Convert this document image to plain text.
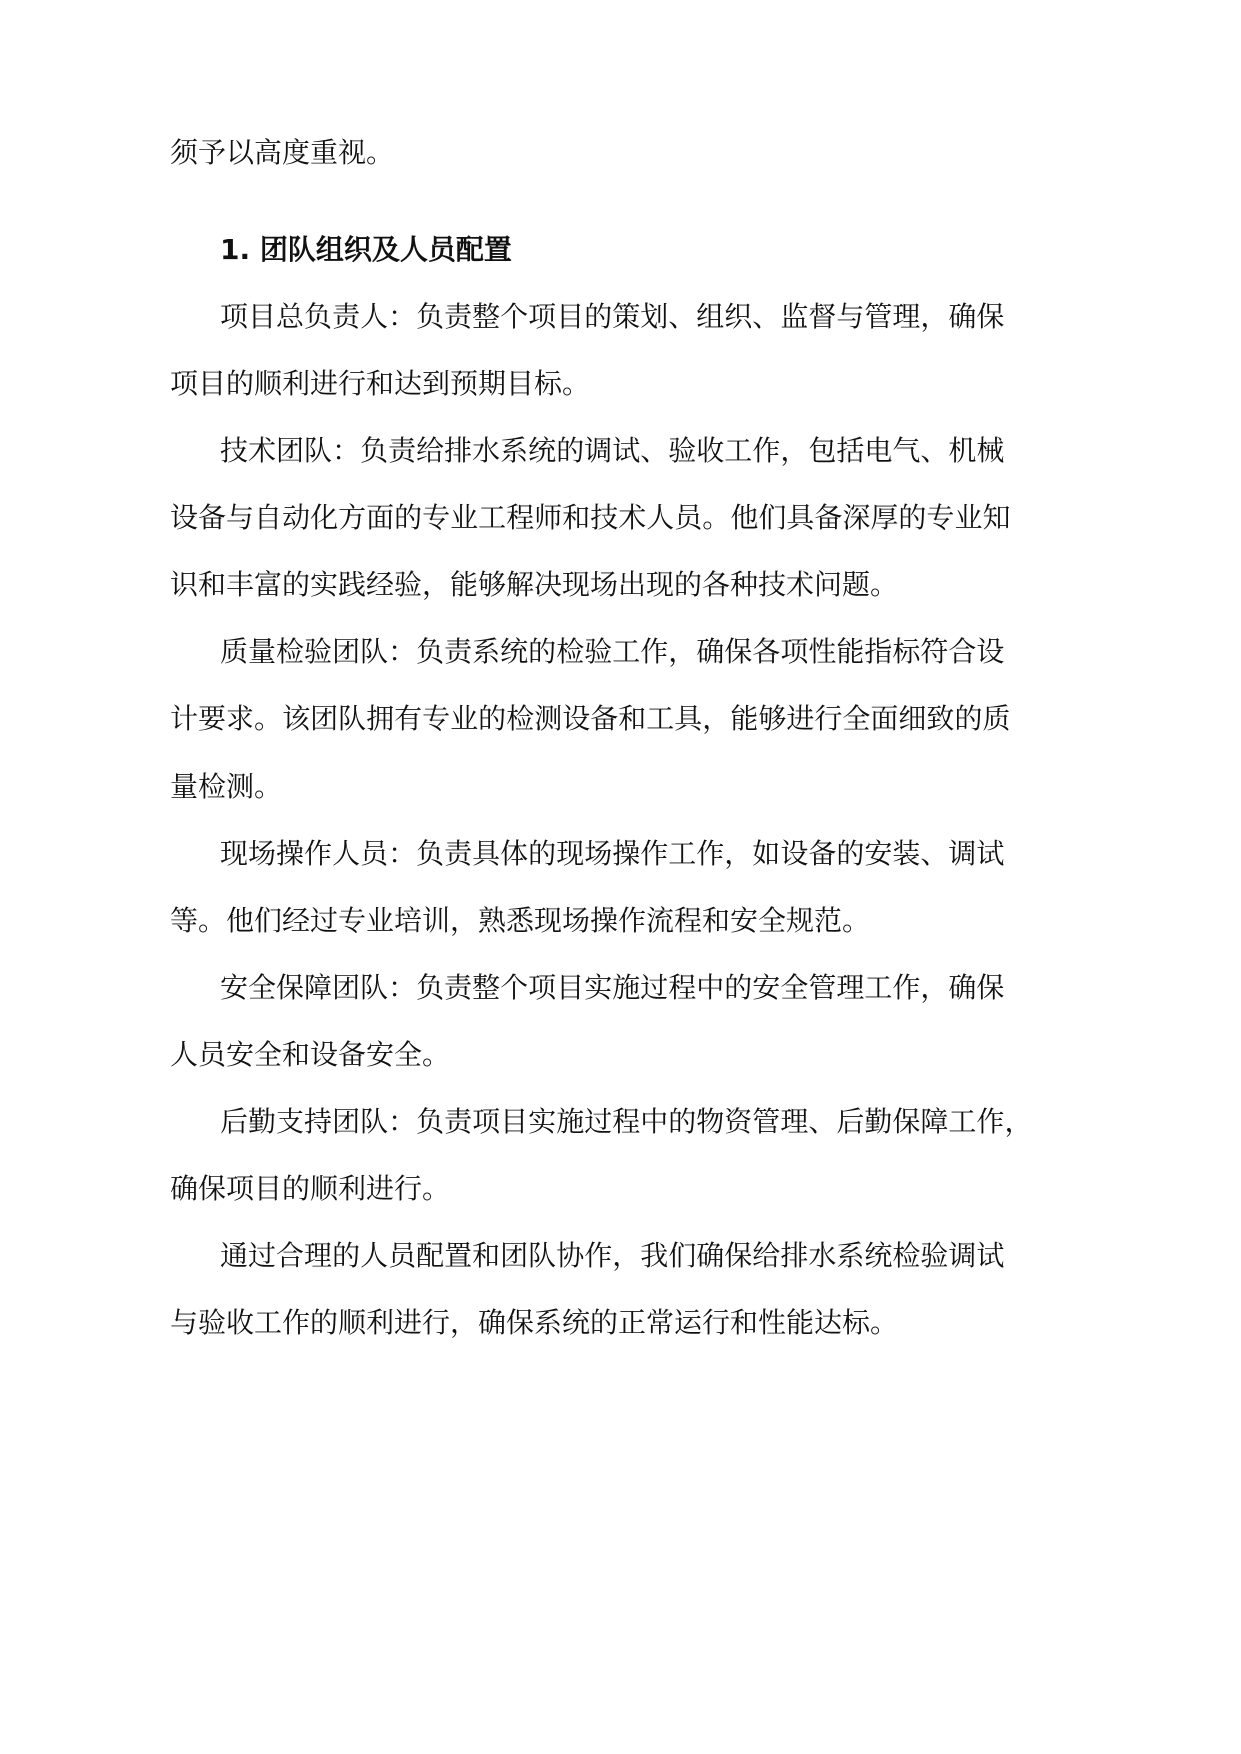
须予以高度重视。
1. 团队组织及人员配置
项 目 总 负 责 人 ： 负 责 整 个 项 目 的 策 划 、 组 织 、 监 督 与 管 理 ， 确 保
项目的顺利进行和达到预期目标。
技 术 团 队 ： 负 责 给 排 水 系 统 的 调 试 、 验 收 工 作 ， 包 括 电 气 、 机 械
设 备 与 自 动 化 方 面 的 专 业 工 程 师 和 技 术 人 员 。 他 们 具 备 深 厚 的 专 业 知
识和丰富的实践经验，能够解决现场出现的各种技术问题。
质 量 检 验 团 队 ： 负 责 系 统 的 检 验 工 作 ， 确 保 各 项 性 能 指 标 符 合 设
计 要 求 。 该 团 队 拥 有 专 业 的 检 测 设 备 和 工 具 ， 能 够 进 行 全 面 细 致 的 质
量检测。
现 场 操 作 人 员 ： 负 责 具 体 的 现 场 操 作 工 作 ， 如 设 备 的 安 装 、 调 试
等。他们经过专业培训，熟悉现场操作流程和安全规范。
安 全 保 障 团 队 ： 负 责 整 个 项 目 实 施 过 程 中 的 安 全 管 理 工 作 ， 确 保
人员安全和设备安全。
后 勤 支 持 团 队 ： 负 责 项 目 实 施 过 程 中 的 物 资 管 理 、 后 勤 保 障 工 作 ，
确保项目的顺利进行。
通 过 合 理 的 人 员 配 置 和 团 队 协 作 ， 我 们 确 保 给 排 水 系 统 检 验 调 试
与验收工作的顺利进行，确保系统的正常运行和性能达标。
